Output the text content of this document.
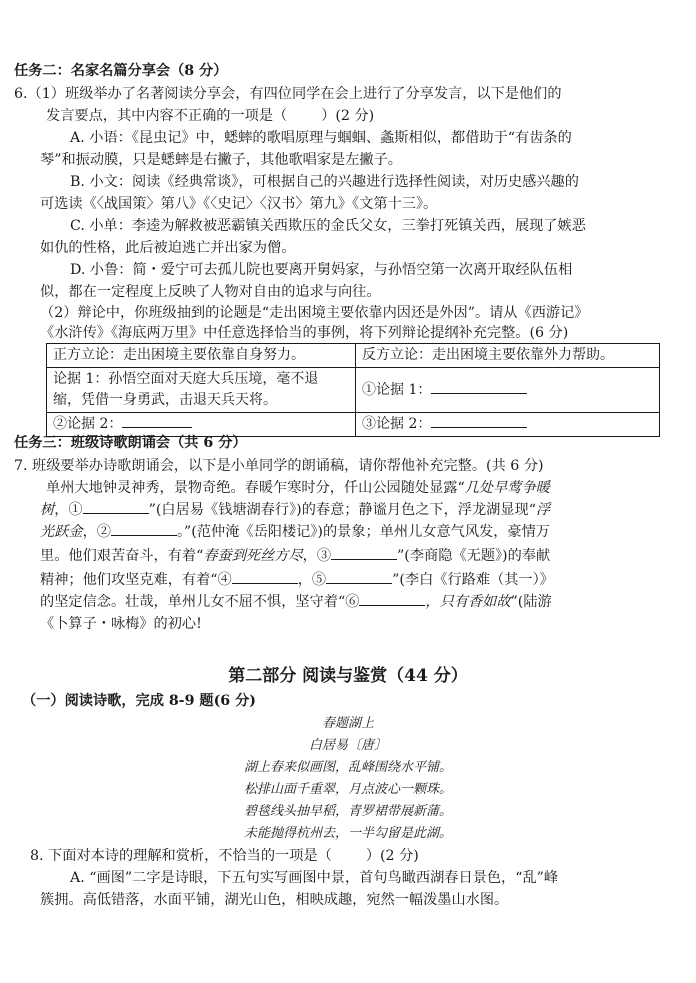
任务二：名家名篇分享会（8 分）
6.（1）班级举办了名著阅读分享会，有四位同学在会上进行了分享发言，以下是他们的
发言要点，其中内容不正确的一项是（ ）(2 分)
A. 小语：《昆虫记》中，蟋蟀的歌唱原理与蝈蝈、螽斯相似，都借助于“有齿条的
琴”和振动膜，只是蟋蟀是右撇子，其他歌唱家是左撇子。
B. 小文：阅读《经典常谈》，可根据自己的兴趣进行选择性阅读，对历史感兴趣的
可选读《〈战国策〉第八》《〈史记〉〈汉书〉第九》《文第十三》。
C. 小单：李逵为解救被恶霸镇关西欺压的金氏父女，三拳打死镇关西，展现了嫉恶
如仇的性格，此后被迫逃亡并出家为僧。
D. 小鲁：简・爱宁可去孤儿院也要离开舅妈家，与孙悟空第一次离开取经队伍相
似，都在一定程度上反映了人物对自由的追求与向往。
（2）辩论中，你班级抽到的论题是“走出困境主要依靠内因还是外因”。请从《西游记》
《水浒传》《海底两万里》中任意选择恰当的事例，将下列辩论提纲补充完整。(6 分)
正方立论：走出困境主要依靠自身努力。	反方立论：走出困境主要依靠外力帮助。

论据 1：孙悟空面对天庭大兵压境，毫不退
缩，凭借一身勇武，击退天兵天将。	①论据 1：
②论据 2：	③论据 2：
任务三：班级诗歌朗诵会（共 6 分）
7. 班级要举办诗歌朗诵会，以下是小单同学的朗诵稿，请你帮他补充完整。(共 6 分)
单州大地钟灵神秀，景物奇绝。春暖乍寒时分，仟山公园随处显露“几处早莺争暖
树，①	”(白居易《钱塘湖春行》)的春意；静谧月色之下，浮龙湖显现“浮
光跃金，②	。”(范仲淹《岳阳楼记》)的景象；单州儿女意气风发，豪情万
里。他们艰苦奋斗，有着“春蚕到死丝方尽，③	”(李商隐《无题》)的奉献
精神；他们攻坚克难，有着“④	，⑤	”(李白《行路难（其一）》
的坚定信念。壮哉，单州儿女不屈不惧，坚守着“⑥	，只有香如故”(陆游
《卜算子・咏梅》的初心!
第二部分 阅读与鉴赏（44 分）
（一）阅读诗歌，完成 8-9 题(6 分)
春题湖上
白居易〔唐〕
湖上春来似画图，乱峰围绕水平铺。
松排山面千重翠，月点波心一颗珠。
碧毯线头抽早稻，青罗裙带展新蒲。
未能抛得杭州去，一半勾留是此湖。
8. 下面对本诗的理解和赏析，不恰当的一项是（ ）(2 分)
A. “画图”二字是诗眼，下五句实写画图中景，首句鸟瞰西湖春日景色，“乱”峰
簇拥。高低错落，水面平铺，湖光山色，相映成趣，宛然一幅泼墨山水图。
